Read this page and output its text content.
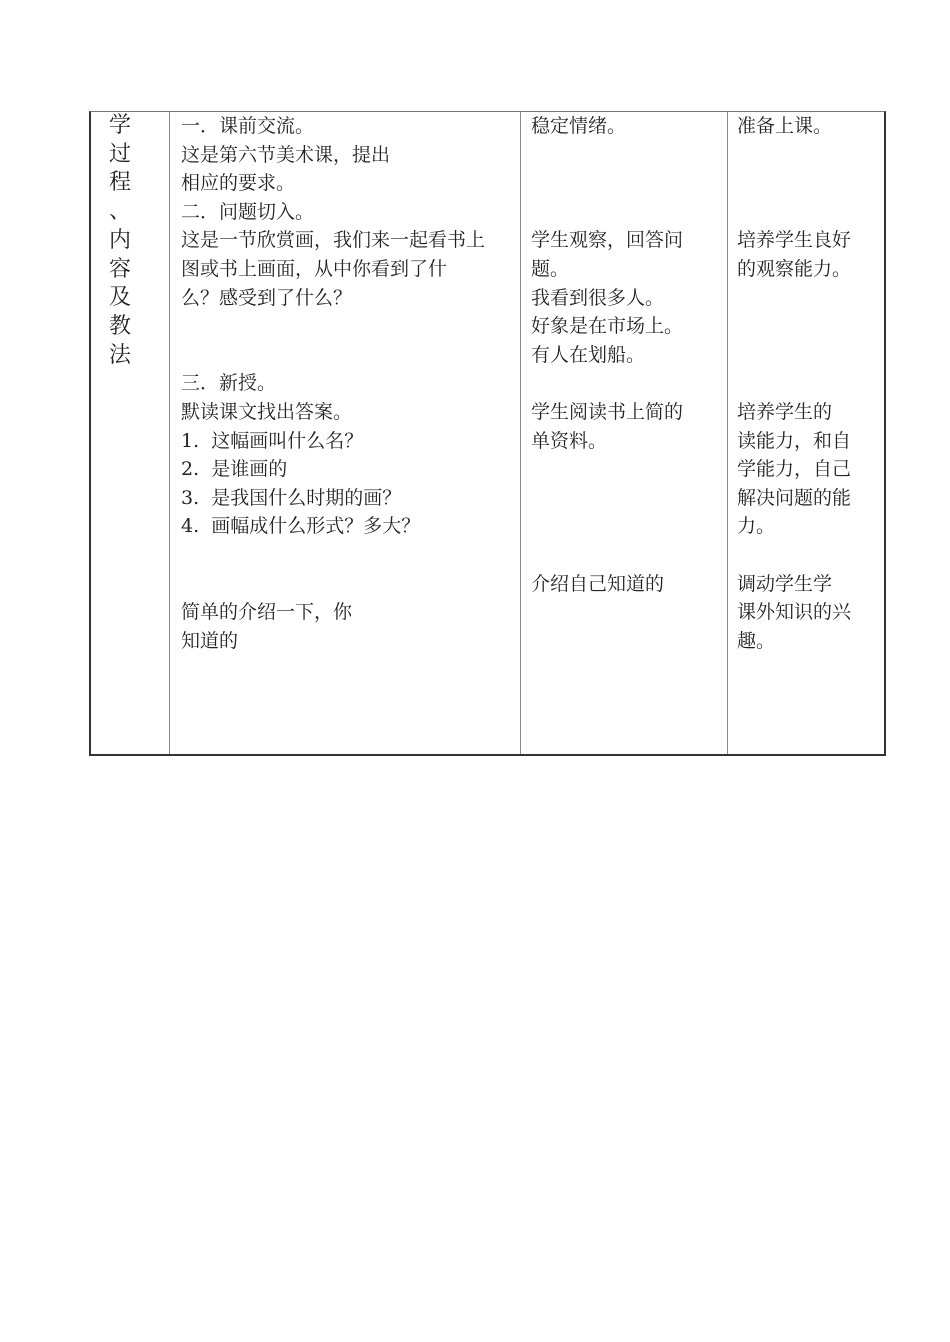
学
过
程
、
内
容
及
教
法
一．课前交流。
这是第六节美术课，提出
相应的要求。
二．问题切入。
这是一节欣赏画，我们来一起看书上
图或书上画面，从中你看到了什
么？感受到了什么？
三．新授。
默读课文找出答案。
1.  这幅画叫什么名？
2.  是谁画的
3.  是我国什么时期的画？
4.  画幅成什么形式？多大？
简单的介绍一下，你
知道的
稳定情绪。
学生观察，回答问
题。
我看到很多人。
好象是在市场上。
有人在划船。
学生阅读书上简的
单资料。
介绍自己知道的
准备上课。
培养学生良好
的观察能力。
培养学生的
读能力，和自
学能力，自己
解决问题的能
力。
调动学生学
课外知识的兴
趣。
